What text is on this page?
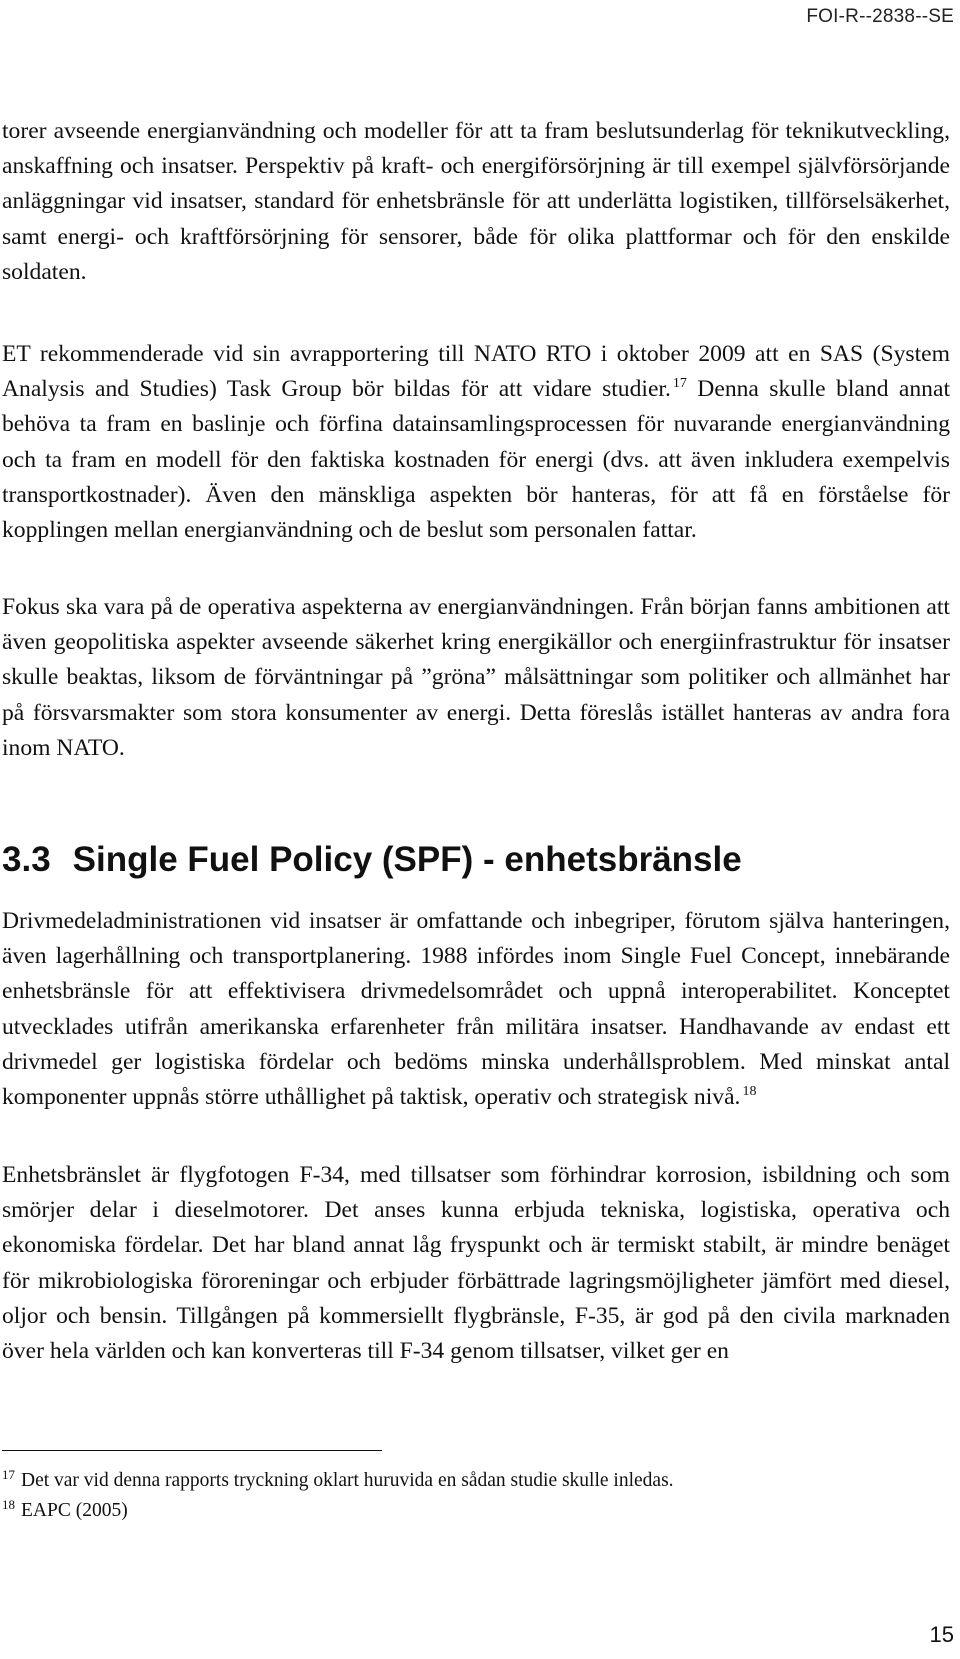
FOI-R--2838--SE

torer avseende energianvändning och modeller för att ta fram beslutsunderlag för teknikutveckling, anskaffning och insatser. Perspektiv på kraft- och energiförsörjning är till exempel självförsörjande anläggningar vid insatser, standard för enhetsbränsle för att underlätta logistiken, tillförselsäkerhet, samt energi- och kraftförsörjning för sensorer, både för olika plattformar och för den enskilde soldaten.

ET rekommenderade vid sin avrapportering till NATO RTO i oktober 2009 att en SAS (System Analysis and Studies) Task Group bör bildas för att vidare studier. $^{17}$ Denna skulle bland annat behöva ta fram en baslinje och förfina datainsamlingsprocessen för nuvarande energianvändning och ta fram en modell för den faktiska kostnaden för energi (dvs. att även inkludera exempelvis transportkostnader). Även den mänskliga aspekten bör hanteras, för att få en förståelse för kopplingen mellan energianvändning och de beslut som personalen fattar.

Fokus ska vara på de operativa aspekterna av energianvändningen. Från början fanns ambitionen att även geopolitiska aspekter avseende säkerhet kring energikällor och energiinfrastruktur för insatser skulle beaktas, liksom de förväntningar på ”gröna” målsättningar som politiker och allmänhet har på försvarsmakter som stora konsumenter av energi. Detta föreslås istället hanteras av andra fora inom NATO.

3.3 Single Fuel Policy (SPF) - enhetsbränsle

Drivmedeladministrationen vid insatser är omfattande och inbegriper, förutom själva hanteringen, även lagerhållning och transportplanering. 1988 infördes inom Single Fuel Concept, innebärande enhetsbränsle för att effektivisera drivmedelsområdet och uppnå interoperabilitet. Konceptet utvecklades utifrån amerikanska erfarenheter från militära insatser. Handhavande av endast ett drivmedel ger logistiska fördelar och bedöms minska underhållsproblem. Med minskat antal komponenter uppnås större uthållighet på taktisk, operativ och strategisk nivå. $^{18}$

Enhetsbränslet är flygfotogen F-34, med tillsatser som förhindrar korrosion, isbildning och som smörjer delar i dieselmotorer. Det anses kunna erbjuda tekniska, logistiska, operativa och ekonomiska fördelar. Det har bland annat låg fryspunkt och är termiskt stabilt, är mindre benäget för mikrobiologiska föroreningar och erbjuder förbättrade lagringsmöjligheter jämfört med diesel, oljor och bensin. Tillgången på kommersiellt flygbränsle, F-35, är god på den civila marknaden över hela världen och kan konverteras till F-34 genom tillsatser, vilket ger en

$^{17}$ Det var vid denna rapports tryckning oklart huruvida en sådan studie skulle inledas.
$^{18}$ EAPC (2005)
15
